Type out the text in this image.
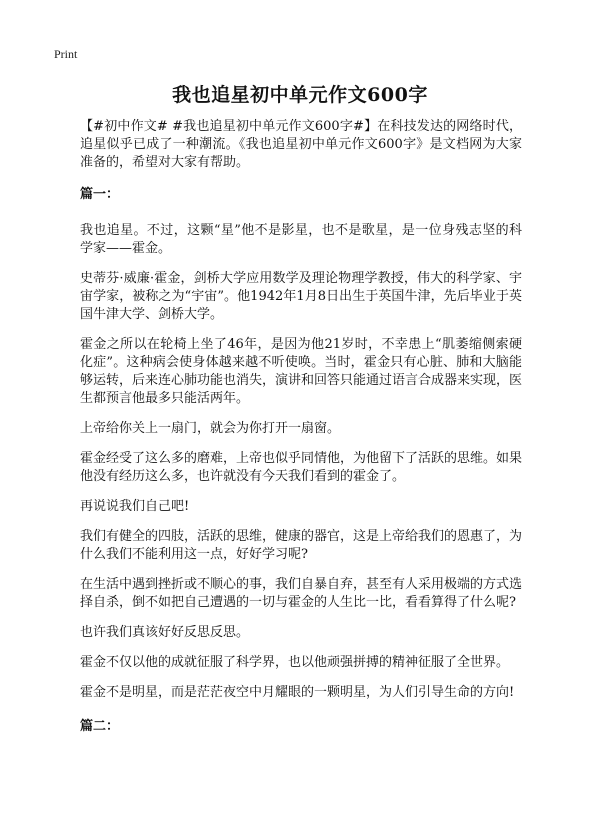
Print
我也追星初中单元作文600字

【#初中作文# #我也追星初中单元作文600字#】在科技发达的网络时代，追星似乎已成了一种潮流。《我也追星初中单元作文600字》是文档网为大家准备的，希望对大家有帮助。

篇一：

我也追星。不过，这颗“星”他不是影星，也不是歌星，是一位身残志坚的科学家——霍金。

史蒂芬·威廉·霍金，剑桥大学应用数学及理论物理学教授，伟大的科学家、宇宙学家，被称之为“宇宙”。他1942年1月8日出生于英国牛津，先后毕业于英国牛津大学、剑桥大学。

霍金之所以在轮椅上坐了46年，是因为他21岁时，不幸患上“肌萎缩侧索硬化症”。这种病会使身体越来越不听使唤。当时，霍金只有心脏、肺和大脑能够运转，后来连心肺功能也消失，演讲和回答只能通过语言合成器来实现，医生都预言他最多只能活两年。

上帝给你关上一扇门，就会为你打开一扇窗。

霍金经受了这么多的磨难，上帝也似乎同情他，为他留下了活跃的思维。如果他没有经历这么多，也许就没有今天我们看到的霍金了。

再说说我们自己吧!

我们有健全的四肢，活跃的思维，健康的器官，这是上帝给我们的恩惠了，为什么我们不能利用这一点，好好学习呢?

在生活中遇到挫折或不顺心的事，我们自暴自弃，甚至有人采用极端的方式选择自杀，倒不如把自己遭遇的一切与霍金的人生比一比，看看算得了什么呢?

也许我们真该好好反思反思。

霍金不仅以他的成就征服了科学界，也以他顽强拼搏的精神征服了全世界。

霍金不是明星，而是茫茫夜空中月耀眼的一颗明星，为人们引导生命的方向!

篇二：
